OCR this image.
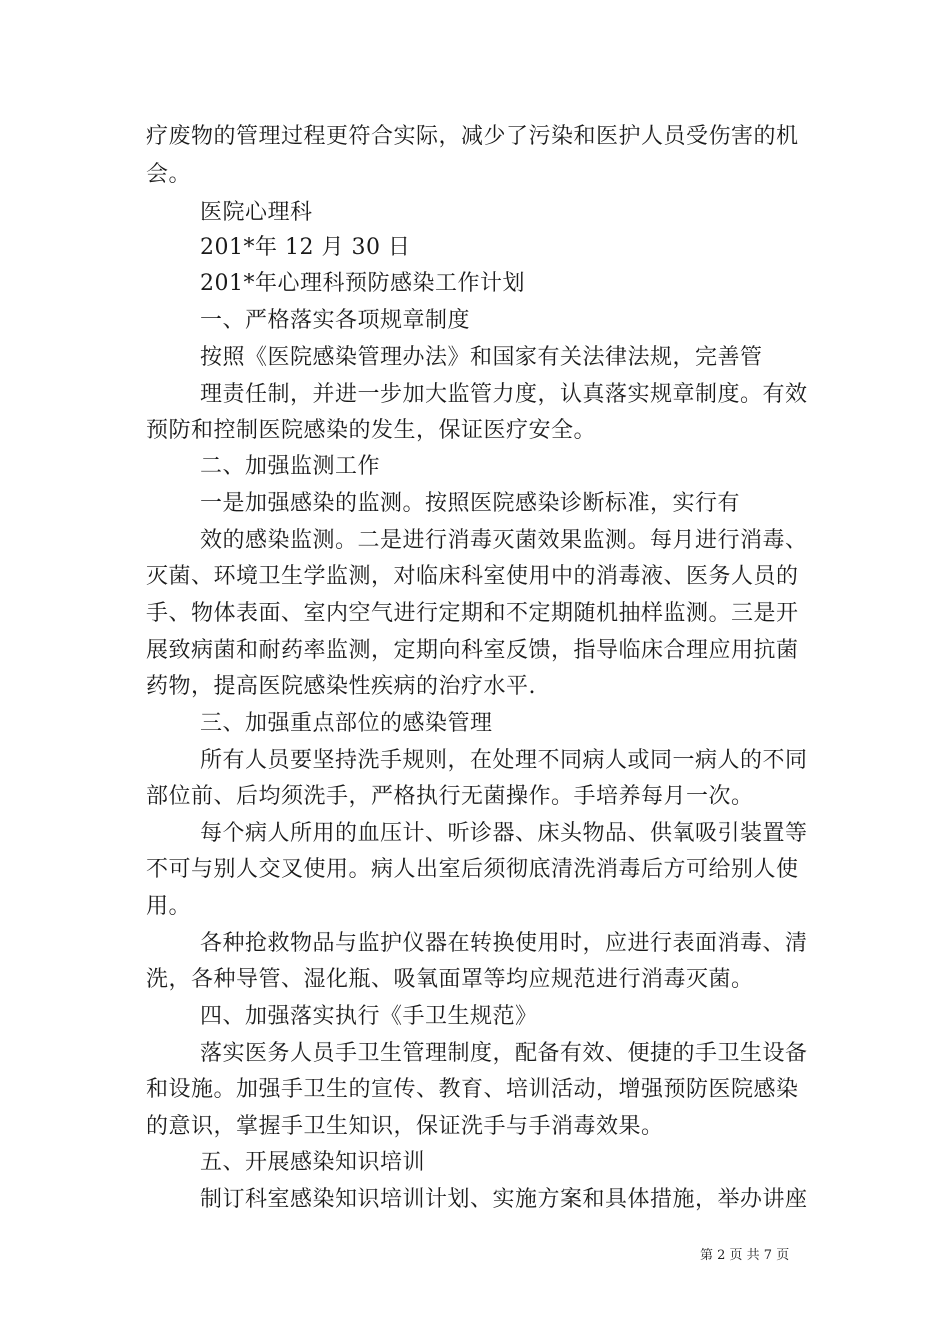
疗废物的管理过程更符合实际，减少了污染和医护人员受伤害的机
会。
医院心理科
201*年 12 月 30 日
201*年心理科预防感染工作计划
一、严格落实各项规章制度
按照《医院感染管理办法》和国家有关法律法规，完善管
理责任制，并进一步加大监管力度，认真落实规章制度。有效
预防和控制医院感染的发生，保证医疗安全。
二、加强监测工作
一是加强感染的监测。按照医院感染诊断标准，实行有
效的感染监测。二是进行消毒灭菌效果监测。每月进行消毒、
灭菌、环境卫生学监测，对临床科室使用中的消毒液、医务人员的
手、物体表面、室内空气进行定期和不定期随机抽样监测。三是开
展致病菌和耐药率监测，定期向科室反馈，指导临床合理应用抗菌
药物，提高医院感染性疾病的治疗水平.
三、加强重点部位的感染管理
所有人员要坚持洗手规则，在处理不同病人或同一病人的不同
部位前、后均须洗手，严格执行无菌操作。手培养每月一次。
每个病人所用的血压计、听诊器、床头物品、供氧吸引装置等
不可与别人交叉使用。病人出室后须彻底清洗消毒后方可给别人使
用。
各种抢救物品与监护仪器在转换使用时，应进行表面消毒、清
洗，各种导管、湿化瓶、吸氧面罩等均应规范进行消毒灭菌。
四、加强落实执行《手卫生规范》
落实医务人员手卫生管理制度，配备有效、便捷的手卫生设备
和设施。加强手卫生的宣传、教育、培训活动，增强预防医院感染
的意识，掌握手卫生知识，保证洗手与手消毒效果。
五、开展感染知识培训
制订科室感染知识培训计划、实施方案和具体措施，举办讲座
第 2 页 共 7 页
